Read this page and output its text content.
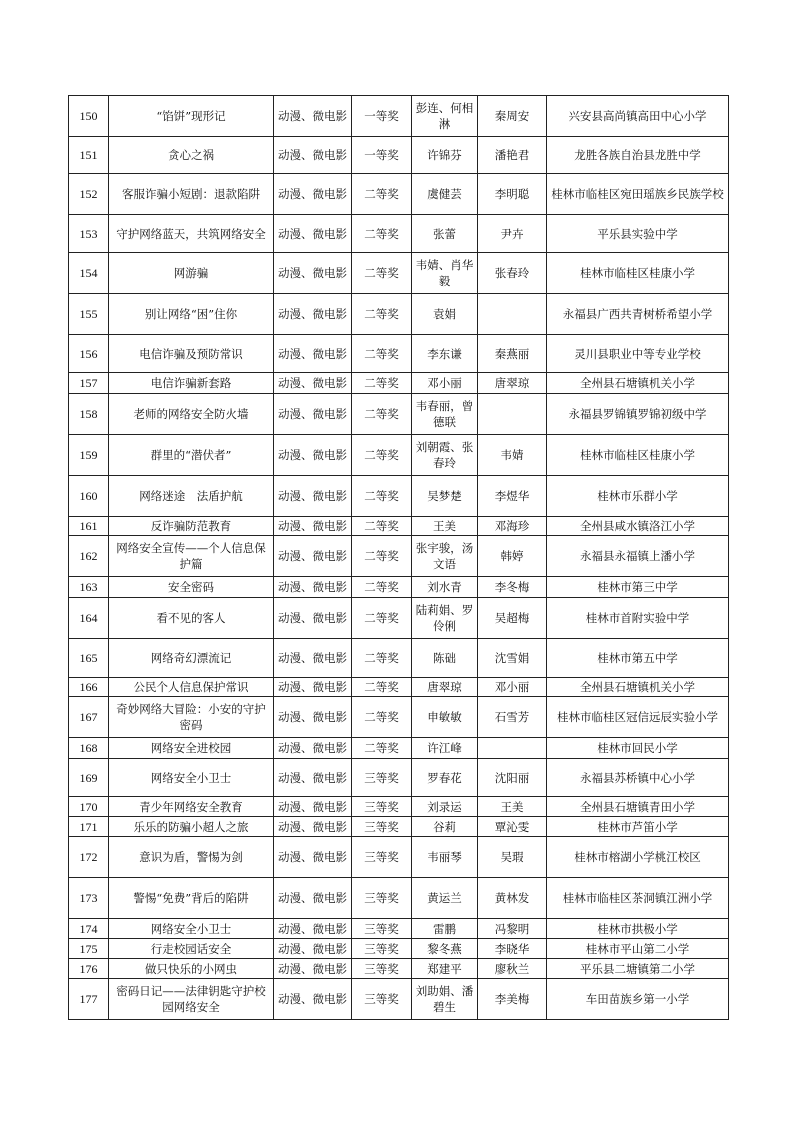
150	“馅饼”现形记	动漫、微电影	一等奖	彭连、何相淋	秦周安	兴安县高尚镇高田中心小学
151	贪心之祸	动漫、微电影	一等奖	许锦芬	潘艳君	龙胜各族自治县龙胜中学
152	客服诈骗小短剧：退款陷阱	动漫、微电影	二等奖	虞健芸	李明聪	桂林市临桂区宛田瑶族乡民族学校
153	守护网络蓝天，共筑网络安全	动漫、微电影	二等奖	张蕾	尹卉	平乐县实验中学
154	网游骗	动漫、微电影	二等奖	韦婧、肖华毅	张春玲	桂林市临桂区桂康小学
155	别让网络“困”住你	动漫、微电影	二等奖	袁娟		永福县广西共青树桥希望小学
156	电信诈骗及预防常识	动漫、微电影	二等奖	李东谦	秦燕丽	灵川县职业中等专业学校
157	电信诈骗新套路	动漫、微电影	二等奖	邓小丽	唐翠琼	全州县石塘镇机关小学
158	老师的网络安全防火墙	动漫、微电影	二等奖	韦春丽，曾德联		永福县罗锦镇罗锦初级中学
159	群里的“潜伏者”	动漫、微电影	二等奖	刘朝霞、张春玲	韦婧	桂林市临桂区桂康小学
160	网络迷途　法盾护航	动漫、微电影	二等奖	吴梦楚	李煜华	桂林市乐群小学
161	反诈骗防范教育	动漫、微电影	二等奖	王美	邓海珍	全州县咸水镇洛江小学
162	网络安全宣传——个人信息保护篇	动漫、微电影	二等奖	张宇骏，汤文语	韩婷	永福县永福镇上潘小学
163	安全密码	动漫、微电影	二等奖	刘水青	李冬梅	桂林市第三中学
164	看不见的客人	动漫、微电影	二等奖	陆莉娟、罗伶俐	吴超梅	桂林市首附实验中学
165	网络奇幻漂流记	动漫、微电影	二等奖	陈础	沈雪娟	桂林市第五中学
166	公民个人信息保护常识	动漫、微电影	二等奖	唐翠琼	邓小丽	全州县石塘镇机关小学
167	奇妙网络大冒险：小安的守护密码	动漫、微电影	二等奖	申敏敏	石雪芳	桂林市临桂区冠信远辰实验小学
168	网络安全进校园	动漫、微电影	二等奖	许江峰		桂林市回民小学
169	网络安全小卫士	动漫、微电影	三等奖	罗春花	沈阳丽	永福县苏桥镇中心小学
170	青少年网络安全教育	动漫、微电影	三等奖	刘录运	王美	全州县石塘镇青田小学
171	乐乐的防骗小超人之旅	动漫、微电影	三等奖	谷莉	覃沁雯	桂林市芦笛小学
172	意识为盾，警惕为剑	动漫、微电影	三等奖	韦丽琴	吴瑕	桂林市榕湖小学桃江校区
173	警惕“免费”背后的陷阱	动漫、微电影	三等奖	黄运兰	黄林发	桂林市临桂区茶洞镇江洲小学
174	网络安全小卫士	动漫、微电影	三等奖	雷鹏	冯黎明	桂林市拱极小学
175	行走校园话安全	动漫、微电影	三等奖	黎冬燕	李晓华	桂林市平山第二小学
176	做只快乐的小网虫	动漫、微电影	三等奖	郑建平	廖秋兰	平乐县二塘镇第二小学
177	密码日记——法律钥匙守护校园网络安全	动漫、微电影	三等奖	刘助娟、潘碧生	李美梅	车田苗族乡第一小学
